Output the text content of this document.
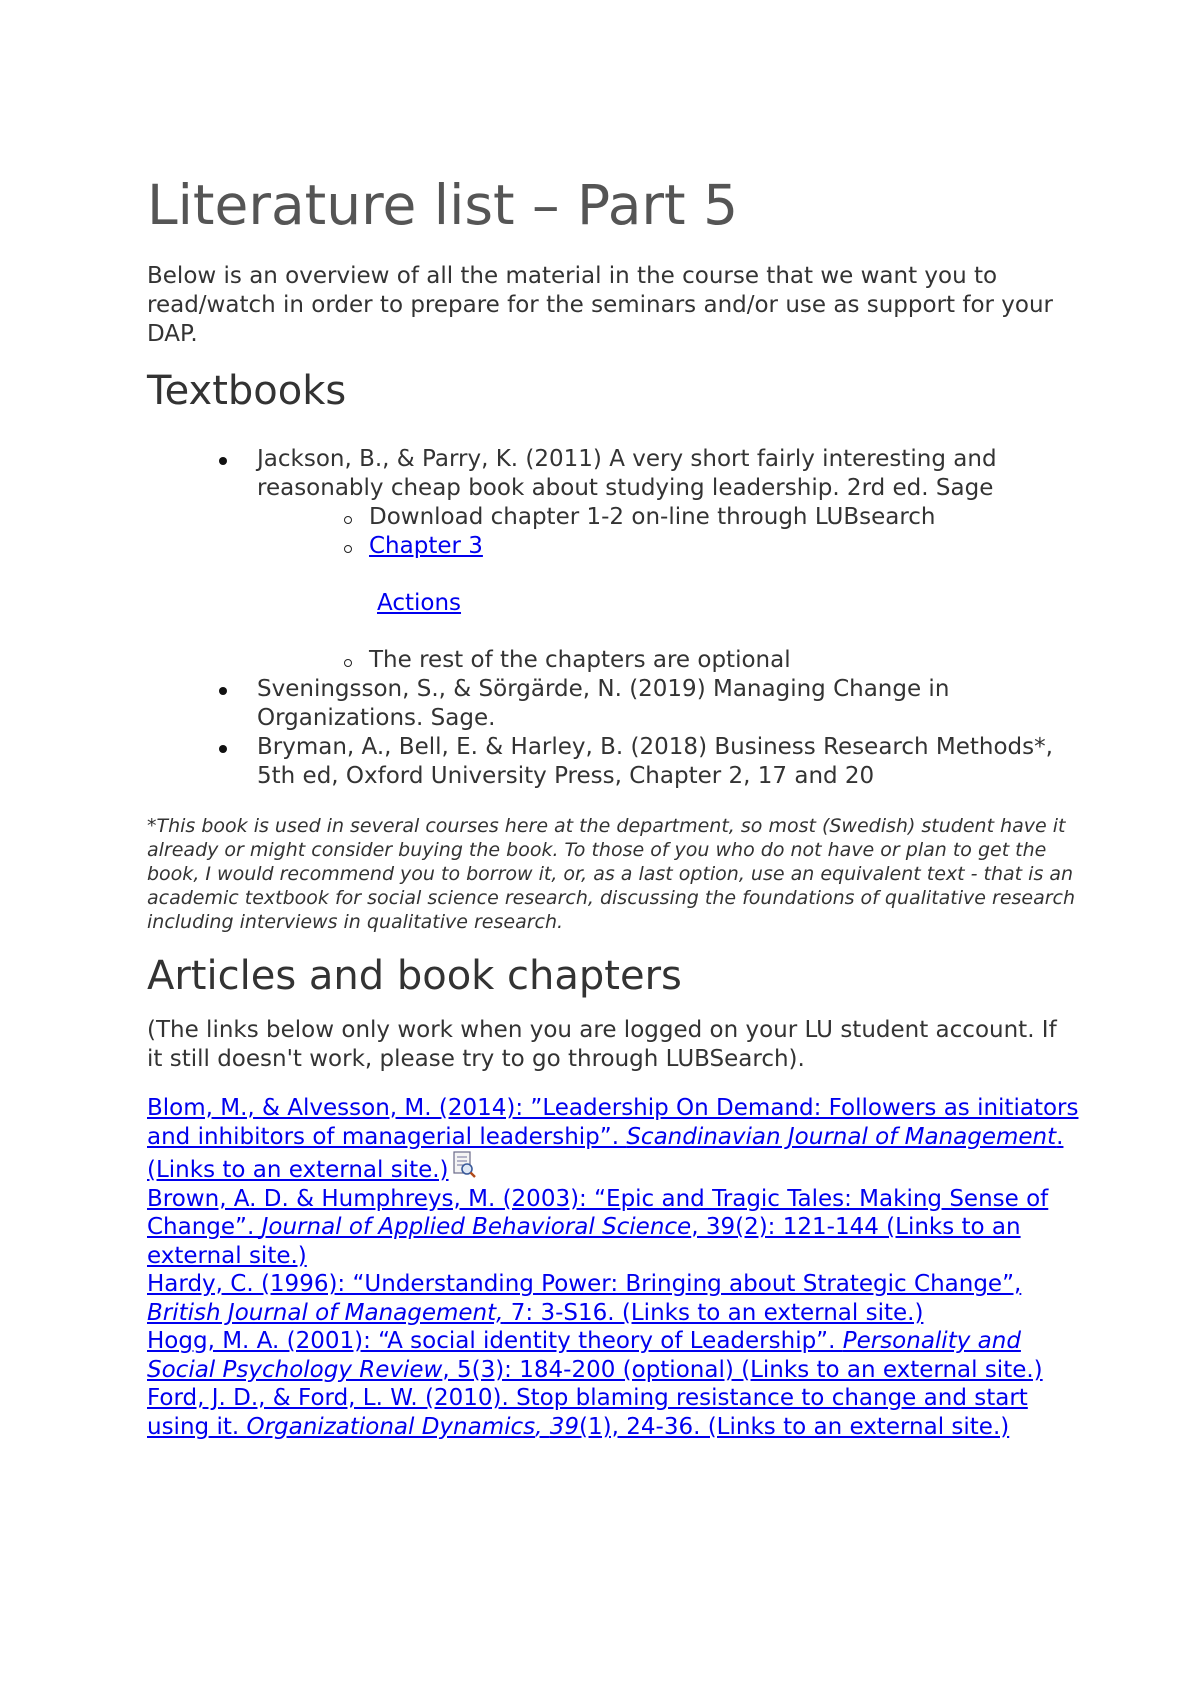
Literature list – Part 5

Below is an overview of all the material in the course that we want you to read/watch in order to prepare for the seminars and/or use as support for your DAP.

Textbooks
Jackson, B., & Parry, K. (2011) A very short fairly interesting and reasonably cheap book about studying leadership. 2rd ed. Sage
Download chapter 1-2 on-line through LUBsearch
Chapter 3
Actions
The rest of the chapters are optional
Sveningsson, S., & Sörgärde, N. (2019) Managing Change in Organizations. Sage.
Bryman, A., Bell, E. & Harley, B. (2018) Business Research Methods*, 5th ed, Oxford University Press, Chapter 2, 17 and 20

*This book is used in several courses here at the department, so most (Swedish) student have it already or might consider buying the book. To those of you who do not have or plan to get the book, I would recommend you to borrow it, or, as a last option, use an equivalent text - that is an academic textbook for social science research, discussing the foundations of qualitative research including interviews in qualitative research.

Articles and book chapters

(The links below only work when you are logged on your LU student account. If it still doesn't work, please try to go through LUBSearch).

Blom, M., & Alvesson, M. (2014): ”Leadership On Demand: Followers as initiators and inhibitors of managerial leadership”. Scandinavian Journal of Management. (Links to an external site.)
Brown, A. D. & Humphreys, M. (2003): “Epic and Tragic Tales: Making Sense of Change”. Journal of Applied Behavioral Science, 39(2): 121-144 (Links to an external site.)
Hardy, C. (1996): “Understanding Power: Bringing about Strategic Change”, British Journal of Management, 7: 3-S16. (Links to an external site.)
Hogg, M. A. (2001): “A social identity theory of Leadership”. Personality and Social Psychology Review, 5(3): 184-200 (optional) (Links to an external site.)
Ford, J. D., & Ford, L. W. (2010). Stop blaming resistance to change and start using it. Organizational Dynamics, 39(1), 24-36. (Links to an external site.)
